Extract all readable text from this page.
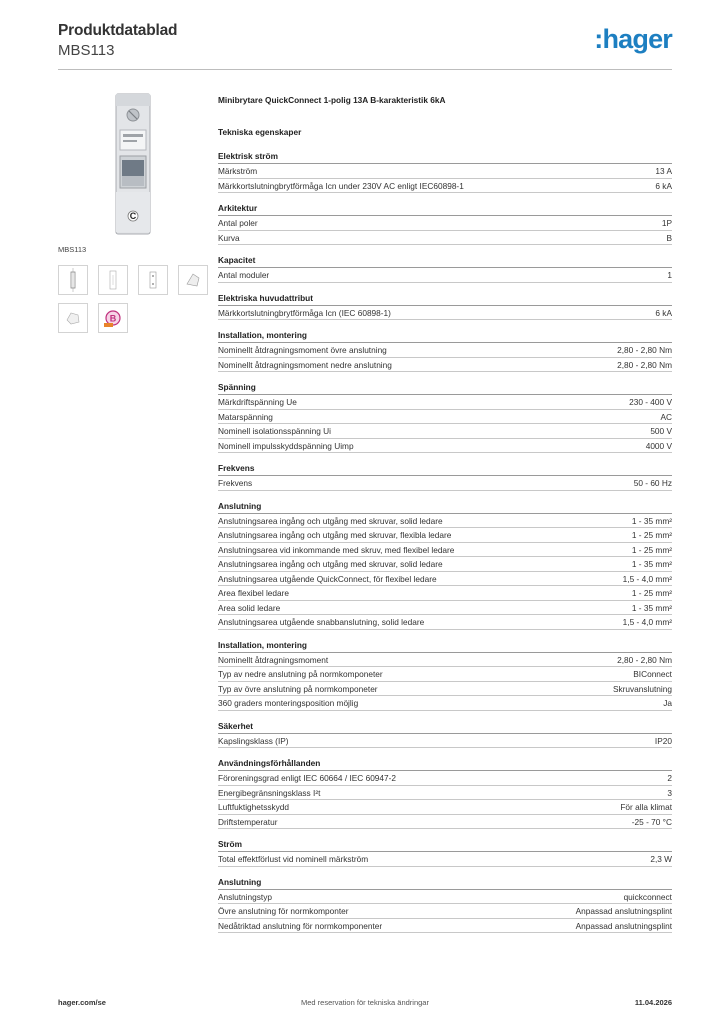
Produktdatablad
MBS113	:hager
C
MBS113
B
Minibrytare QuickConnect 1-polig 13A B-karakteristik 6kA
Tekniska egenskaper
Elektrisk ström
Märkström	13 A
Märkkortslutningbrytförmåga Icn under 230V AC enligt IEC60898-1	6 kA
Arkitektur
Antal poler	1P
Kurva	B
Kapacitet
Antal moduler	1
Elektriska huvudattribut
Märkkortslutningbrytförmåga Icn (IEC 60898-1)	6 kA
Installation, montering
Nominellt åtdragningsmoment övre anslutning	2,80 - 2,80 Nm
Nominellt åtdragningsmoment nedre anslutning	2,80 - 2,80 Nm
Spänning
Märkdriftspänning Ue	230 - 400 V
Matarspänning	AC
Nominell isolationsspänning Ui	500 V
Nominell impulsskyddspänning Uimp	4000 V
Frekvens
Frekvens	50 - 60 Hz
Anslutning
Anslutningsarea ingång och utgång med skruvar, solid ledare	1 - 35 mm²
Anslutningsarea ingång och utgång med skruvar, flexibla ledare	1 - 25 mm²
Anslutningsarea vid inkommande med skruv, med flexibel ledare	1 - 25 mm²
Anslutningsarea ingång och utgång med skruvar, solid ledare	1 - 35 mm²
Anslutningsarea utgående QuickConnect, för flexibel ledare	1,5 - 4,0 mm²
Area flexibel ledare	1 - 25 mm²
Area solid ledare	1 - 35 mm²
Anslutningsarea utgående snabbanslutning, solid ledare	1,5 - 4,0 mm²
Installation, montering
Nominellt åtdragningsmoment	2,80 - 2,80 Nm
Typ av nedre anslutning på normkomponeter	BIConnect
Typ av övre anslutning på normkomponeter	Skruvanslutning
360 graders monteringsposition möjlig	Ja
Säkerhet
Kapslingsklass (IP)	IP20
Användningsförhållanden
Föroreningsgrad enligt IEC 60664 / IEC 60947-2	2
Energibegränsningsklass I²t	3
Luftfuktighetsskydd	För alla klimat
Driftstemperatur	-25 - 70 °C
Ström
Total effektförlust vid nominell märkström	2,3 W
Anslutning
Anslutningstyp	quickconnect
Övre anslutning för normkomponter	Anpassad anslutningsplint
Nedåtriktad anslutning för normkomponenter	Anpassad anslutningsplint
hager.com/se	Med reservation för tekniska ändringar	11.04.2026
